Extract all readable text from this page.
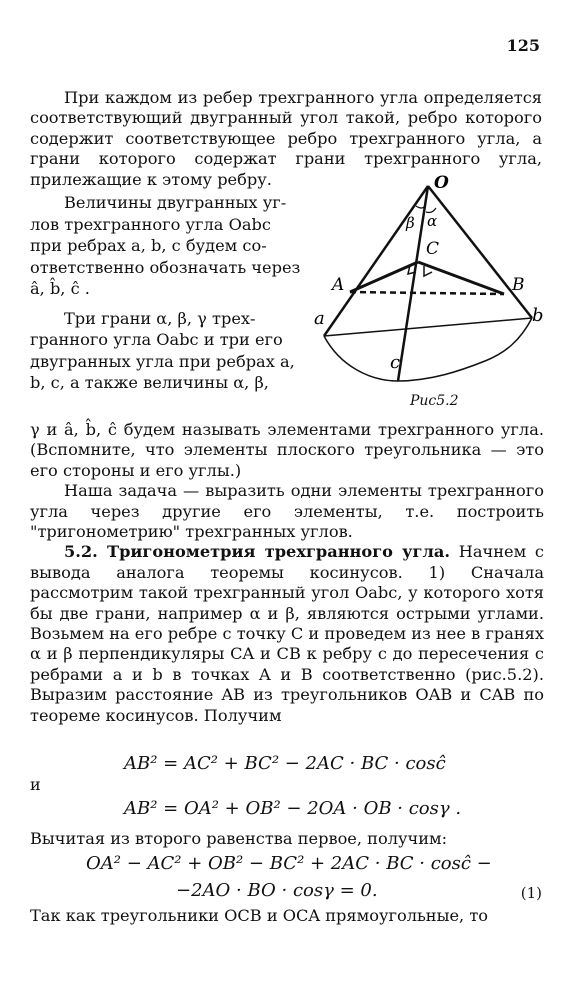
125
При каждом из ребер трехгранного угла определяется соответствующий двугранный угол такой, ребро которого содержит соответствующее ребро трехгранного угла, а грани которого содержат грани трехгранного угла, прилежащие к этому ребру.

Величины двугранных уг-

лов трехгранного угла Oabc

при ребрах a, b, c будем со-

ответственно обозначать через

â, b̂, ĉ .

Три грани α, β, γ трех-

гранного угла Oabc и три его

двугранных угла при ребрах a,

b, c, а также величины α, β,

O
β α
C
A	B
a	b
c
Рис5.2

γ и â, b̂, ĉ будем называть элементами трехгранного угла. (Вспомните, что элементы плоского треугольника — это его стороны и его углы.)

Наша задача — выразить одни элементы трехгранного угла через другие его элементы, т.е. построить "тригонометрию" трехгранных углов.

5.2. Тригонометрия трехгранного угла. Начнем с вывода аналога теоремы косинусов. 1) Сначала рассмотрим такой трехгранный угол Oabc, у которого хотя бы две грани, например α и β, являются острыми углами. Возьмем на его ребре c точку C и проведем из нее в гранях α и β перпендикуляры CA и CB к ребру c до пересечения с ребрами a и b в точках A и B соответственно (рис.5.2). Выразим расстояние AB из треугольников OAB и CAB по теореме косинусов. Получим

AB² = AC² + BC² − 2AC · BC · cosĉ
и
AB² = OA² + OB² − 2OA · OB · cosγ .
Вычитая из второго равенства первое, получим:
OA² − AC² + OB² − BC² + 2AC · BC · cosĉ −
−2AO · BO · cosγ = 0.	(1)
Так как треугольники OCB и OCA прямоугольные, то
